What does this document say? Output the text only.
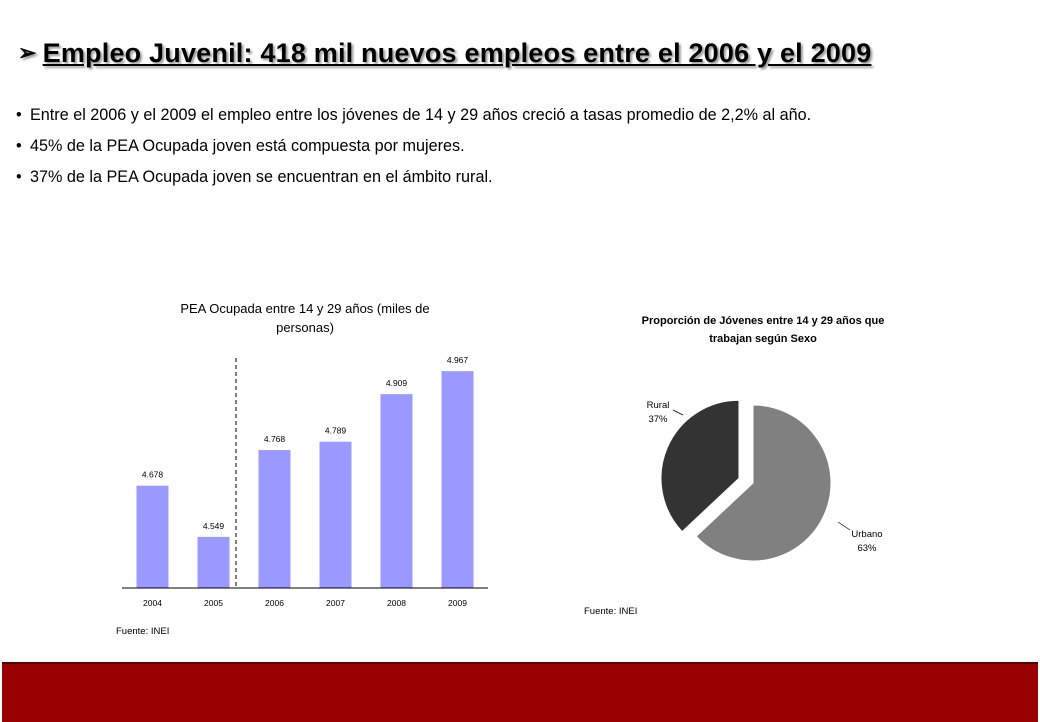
➢ Empleo Juvenil: 418 mil nuevos empleos entre el 2006 y el 2009
• Entre el 2006 y el 2009 el empleo entre los jóvenes de 14 y 29 años creció a tasas promedio de 2,2% al año.
• 45% de la PEA Ocupada joven está compuesta por mujeres.
• 37% de la PEA Ocupada joven se encuentran en el ámbito rural.
PEA Ocupada entre 14 y 29 años (miles de
personas)
4.678
2004
4.549
2005
4.768
2006
4.789
2007
4.909
2008
4.967
2009
Fuente: INEI
Proporción de Jóvenes entre 14 y 29 años que
trabajan según Sexo
Rural
37%
Urbano
63%
Fuente: INEI
